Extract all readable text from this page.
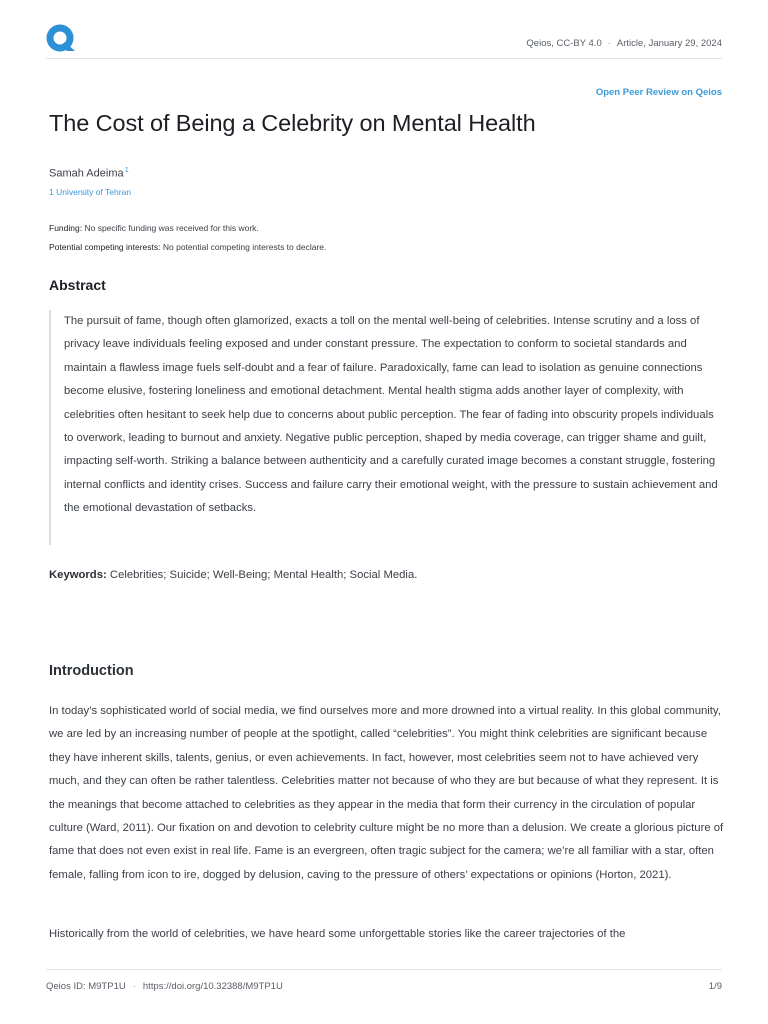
Qeios, CC-BY 4.0 · Article, January 29, 2024
Open Peer Review on Qeios
The Cost of Being a Celebrity on Mental Health
Samah Adeima$^1$
1 University of Tehran
Funding: No specific funding was received for this work.
Potential competing interests: No potential competing interests to declare.
Abstract

The pursuit of fame, though often glamorized, exacts a toll on the mental well-being of celebrities. Intense scrutiny and a loss of privacy leave individuals feeling exposed and under constant pressure. The expectation to conform to societal standards and maintain a flawless image fuels self-doubt and a fear of failure. Paradoxically, fame can lead to isolation as genuine connections become elusive, fostering loneliness and emotional detachment. Mental health stigma adds another layer of complexity, with celebrities often hesitant to seek help due to concerns about public perception. The fear of fading into obscurity propels individuals to overwork, leading to burnout and anxiety. Negative public perception, shaped by media coverage, can trigger shame and guilt, impacting self-worth. Striking a balance between authenticity and a carefully curated image becomes a constant struggle, fostering internal conflicts and identity crises. Success and failure carry their emotional weight, with the pressure to sustain achievement and the emotional devastation of setbacks.

Keywords: Celebrities; Suicide; Well-Being; Mental Health; Social Media.

Introduction

In today’s sophisticated world of social media, we find ourselves more and more drowned into a virtual reality. In this global community, we are led by an increasing number of people at the spotlight, called “celebrities”. You might think celebrities are significant because they have inherent skills, talents, genius, or even achievements. In fact, however, most celebrities seem not to have achieved very much, and they can often be rather talentless. Celebrities matter not because of who they are but because of what they represent. It is the meanings that become attached to celebrities as they appear in the media that form their currency in the circulation of popular culture (Ward, 2011). Our fixation on and devotion to celebrity culture might be no more than a delusion. We create a glorious picture of fame that does not even exist in real life. Fame is an evergreen, often tragic subject for the camera; we’re all familiar with a star, often female, falling from icon to ire, dogged by delusion, caving to the pressure of others’ expectations or opinions (Horton, 2021).

Historically from the world of celebrities, we have heard some unforgettable stories like the career trajectories of the

Qeios ID: M9TP1U · https://doi.org/10.32388/M9TP1U	1/9
